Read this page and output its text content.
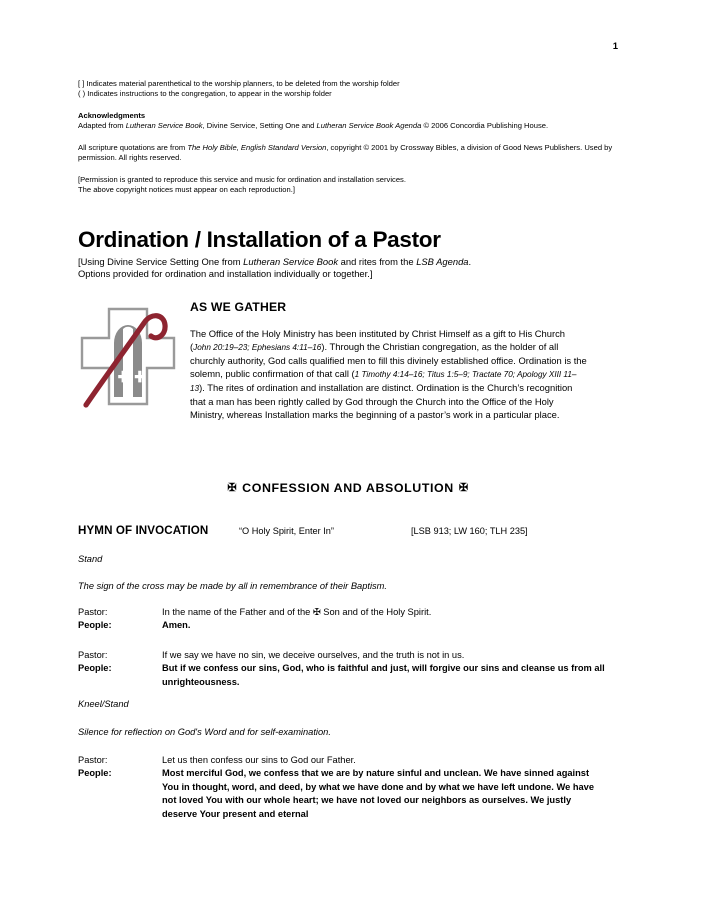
1
[ ] Indicates material parenthetical to the worship planners, to be deleted from the worship folder
( ) Indicates instructions to the congregation, to appear in the worship folder
Acknowledgments

Adapted from Lutheran Service Book, Divine Service, Setting One and Lutheran Service Book Agenda © 2006 Concordia Publishing House.

All scripture quotations are from The Holy Bible, English Standard Version, copyright © 2001 by Crossway Bibles, a division of Good News Publishers. Used by permission. All rights reserved.

[Permission is granted to reproduce this service and music for ordination and installation services.
The above copyright notices must appear on each reproduction.]
Ordination / Installation of a Pastor

[Using Divine Service Setting One from Lutheran Service Book and rites from the LSB Agenda.
Options provided for ordination and installation individually or together.]

AS WE GATHER

The Office of the Holy Ministry has been instituted by Christ Himself as a gift to His Church (John 20:19–23; Ephesians 4:11–16). Through the Christian congregation, as the holder of all churchly authority, God calls qualified men to fill this divinely established office. Ordination is the solemn, public confirmation of that call (1 Timothy 4:14–16; Titus 1:5–9; Tractate 70; Apology XIII 11–13). The rites of ordination and installation are distinct. Ordination is the Church’s recognition that a man has been rightly called by God through the Church into the Office of the Holy Ministry, whereas Installation marks the beginning of a pastor’s work in a particular place.

✠ CONFESSION AND ABSOLUTION ✠
HYMN OF INVOCATION	“O Holy Spirit, Enter In”	[LSB 913; LW 160; TLH 235]
Stand
The sign of the cross may be made by all in remembrance of their Baptism.
Pastor:	In the name of the Father and of the ✠ Son and of the Holy Spirit.
People:	Amen.
Pastor:	If we say we have no sin, we deceive ourselves, and the truth is not in us.
People:	But if we confess our sins, God, who is faithful and just, will forgive our sins and cleanse us from all unrighteousness.
Kneel/Stand
Silence for reflection on God's Word and for self-examination.
Pastor:	Let us then confess our sins to God our Father.
People:	Most merciful God, we confess that we are by nature sinful and unclean. We have sinned against You in thought, word, and deed, by what we have done and by what we have left undone. We have not loved You with our whole heart; we have not loved our neighbors as ourselves. We justly deserve Your present and eternal
